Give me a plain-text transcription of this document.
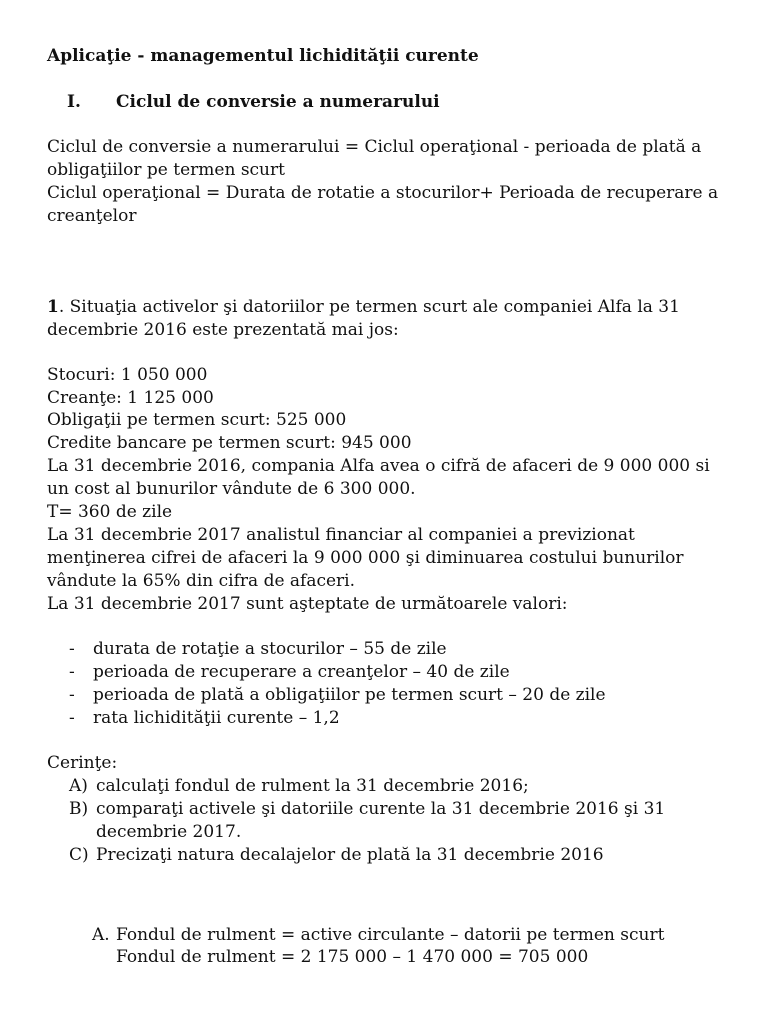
Aplicaţie - managementul lichidităţii curente
I. Ciclul de conversie a numerarului
Ciclul de conversie a numerarului = Ciclul operaţional - perioada de plată a
obligaţiilor pe termen scurt
Ciclul operaţional = Durata de rotatie a stocurilor+ Perioada de recuperare a
creanţelor
1. Situaţia activelor şi datoriilor pe termen scurt ale companiei Alfa la 31
decembrie 2016 este prezentată mai jos:
Stocuri: 1 050 000
Creanţe: 1 125 000
Obligaţii pe termen scurt: 525 000
Credite bancare pe termen scurt: 945 000
La 31 decembrie 2016, compania Alfa avea o cifră de afaceri de 9 000 000 si
un cost al bunurilor vândute de 6 300 000.
T= 360 de zile
La 31 decembrie 2017 analistul financiar al companiei a previzionat
menţinerea cifrei de afaceri la 9 000 000 şi diminuarea costului bunurilor
vândute la 65% din cifra de afaceri.
La 31 decembrie 2017 sunt aşteptate de următoarele valori:
- durata de rotaţie a stocurilor – 55 de zile
- perioada de recuperare a creanţelor – 40 de zile
- perioada de plată a obligaţiilor pe termen scurt – 20 de zile
- rata lichidităţii curente – 1,2
Cerinţe:
A) calculaţi fondul de rulment la 31 decembrie 2016;
B) comparaţi activele şi datoriile curente la 31 decembrie 2016 şi 31
decembrie 2017.
C) Precizaţi natura decalajelor de plată la 31 decembrie 2016
A. Fondul de rulment = active circulante – datorii pe termen scurt
Fondul de rulment = 2 175 000 – 1 470 000 = 705 000
